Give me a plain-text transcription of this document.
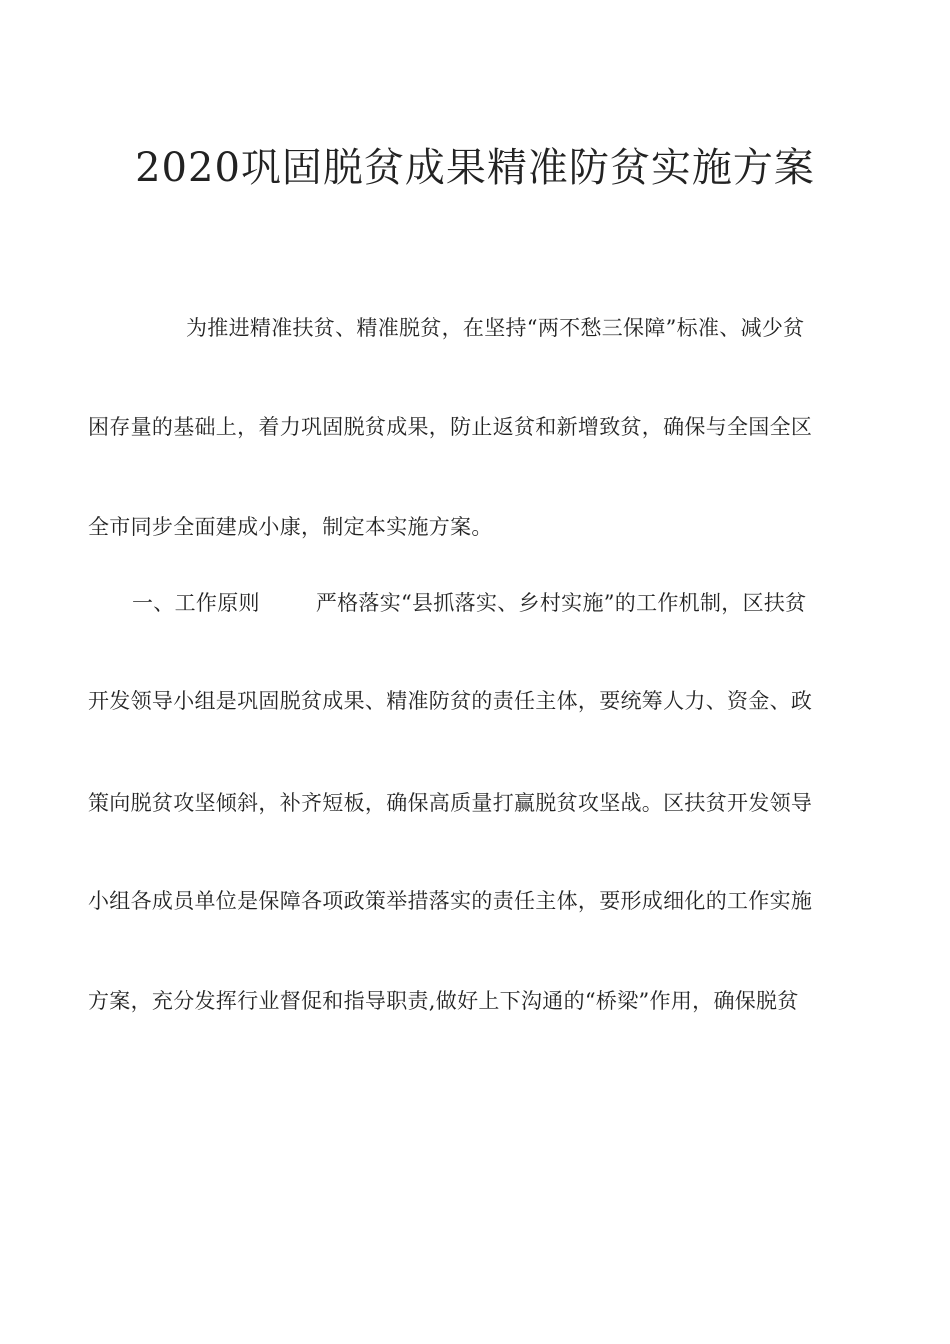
2020巩固脱贫成果精准防贫实施方案
为推进精准扶贫、精准脱贫，在坚持“两不愁三保障”标准、减少贫
困存量的基础上，着力巩固脱贫成果，防止返贫和新增致贫，确保与全国全区
全市同步全面建成小康，制定本实施方案。
一、工作原则	严格落实“县抓落实、乡村实施”的工作机制，区扶贫
开发领导小组是巩固脱贫成果、精准防贫的责任主体，要统筹人力、资金、政
策向脱贫攻坚倾斜，补齐短板，确保高质量打赢脱贫攻坚战。区扶贫开发领导
小组各成员单位是保障各项政策举措落实的责任主体，要形成细化的工作实施
方案，充分发挥行业督促和指导职责,做好上下沟通的“桥梁”作用，确保脱贫
